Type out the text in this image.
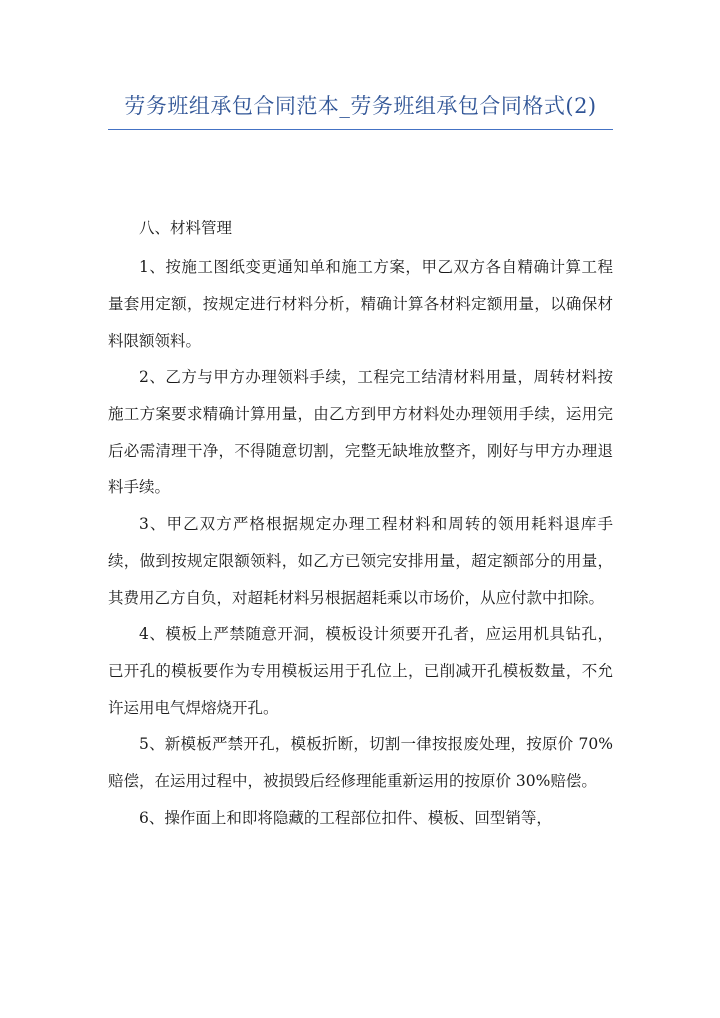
劳务班组承包合同范本_劳务班组承包合同格式(2)

八、材料管理

1、按施工图纸变更通知单和施工方案，甲乙双方各自精确计算工程量套用定额，按规定进行材料分析，精确计算各材料定额用量，以确保材料限额领料。

2、乙方与甲方办理领料手续，工程完工结清材料用量，周转材料按施工方案要求精确计算用量，由乙方到甲方材料处办理领用手续，运用完后必需清理干净，不得随意切割，完整无缺堆放整齐，刚好与甲方办理退料手续。

3、甲乙双方严格根据规定办理工程材料和周转的领用耗料退库手续，做到按规定限额领料，如乙方已领完安排用量，超定额部分的用量，其费用乙方自负，对超耗材料另根据超耗乘以市场价，从应付款中扣除。

4、模板上严禁随意开洞，模板设计须要开孔者，应运用机具钻孔，已开孔的模板要作为专用模板运用于孔位上，已削减开孔模板数量，不允许运用电气焊熔烧开孔。

5、新模板严禁开孔，模板折断，切割一律按报废处理，按原价 70%赔偿，在运用过程中，被损毁后经修理能重新运用的按原价 30%赔偿。

6、操作面上和即将隐藏的工程部位扣件、模板、回型销等，
